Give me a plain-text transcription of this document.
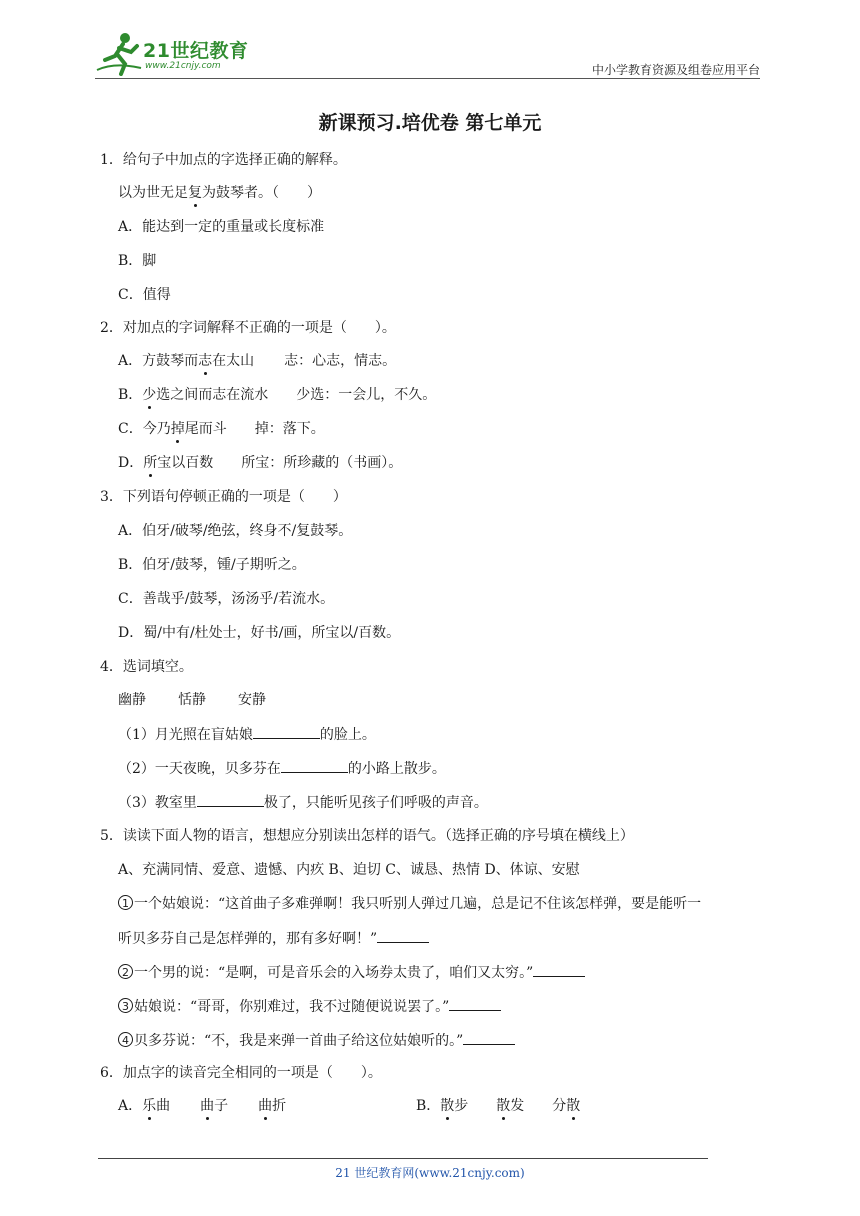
21世纪教育
www.21cnjy.com	中小学教育资源及组卷应用平台
新课预习.培优卷 第七单元
1．给句子中加点的字选择正确的解释。
以为世无足复为鼓琴者。（　　）
A．能达到一定的重量或长度标准
B．脚
C．值得
2．对加点的字词解释不正确的一项是（　　）。
A．方鼓琴而志在太山 志：心志，情志。
B．少选之间而志在流水 少选：一会儿，不久。
C．今乃掉尾而斗 掉：落下。
D．所宝以百数 所宝：所珍藏的（书画）。
3．下列语句停顿正确的一项是（　　）
A．伯牙/破琴/绝弦，终身不/复鼓琴。
B．伯牙/鼓琴，锺/子期听之。
C．善哉乎/鼓琴，汤汤乎/若流水。
D．蜀/中有/杜处士，好书/画，所宝以/百数。
4．选词填空。
幽静 恬静 安静
（1）月光照在盲姑娘	的脸上。
（2）一天夜晚，贝多芬在	的小路上散步。
（3）教室里	极了，只能听见孩子们呼吸的声音。
5．读读下面人物的语言，想想应分别读出怎样的语气。（选择正确的序号填在横线上）
A、充满同情、爱意、遗憾、内疚 B、迫切 C、诚恳、热情 D、体谅、安慰
1 一个姑娘说：“这首曲子多难弹啊！我只听别人弹过几遍，总是记不住该怎样弹，要是能听一
听贝多芬自己是怎样弹的，那有多好啊！”
2 一个男的说：“是啊，可是音乐会的入场券太贵了，咱们又太穷。”
3 姑娘说：“哥哥，你别难过，我不过随便说说罢了。”
4 贝多芬说：“不，我是来弹一首曲子给这位姑娘听的。”
6．加点字的读音完全相同的一项是（　　）。
A．乐曲 曲子 曲折	B．散步 散发 分散
21 世纪教育网(www.21cnjy.com)
